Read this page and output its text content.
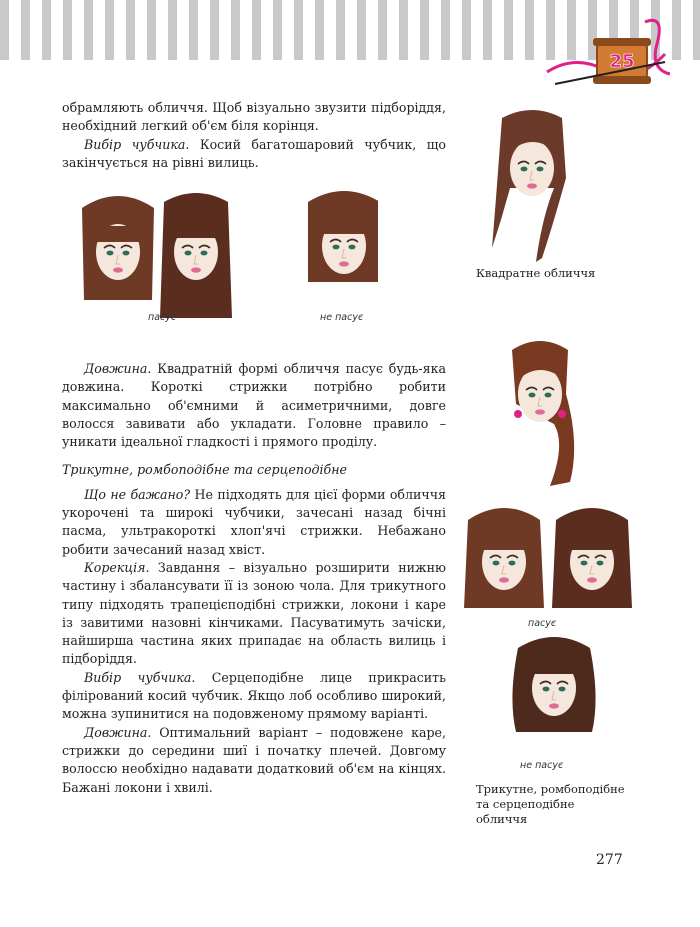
25

обрамляють обличчя. Щоб візуально звузити підборіддя, необхідний легкий об'єм біля корінця.

Вибір чубчика. Косий багатошаровий чубчик, що закінчується на рівні вилиць.

пасує	не пасує
Квадратне обличчя
пасує
не пасує
Трикутне, ромбоподібне та серцеподібне обличчя

Довжина. Квадратній формі обличчя пасує будь-яка довжина. Короткі стрижки потрібно робити максимально об'ємними й асиметричними, довге волосся завивати або укладати. Головне правило – уникати ідеальної гладкості і прямого проділу.

Трикутне, ромбоподібне та серцеподібне

Що не бажано? Не підходять для цієї форми обличчя укорочені та широкі чубчики, зачесані назад бічні пасма, ультракороткі хлоп'ячі стрижки. Небажано робити зачесаний назад хвіст.

Корекція. Завдання – візуально розширити нижню частину і збалансувати її із зоною чола. Для трикутного типу підходять трапецієподібні стрижки, локони і каре із завитими назовні кінчиками. Пасуватимуть зачіски, найширша частина яких припадає на область вилиць і підборіддя.

Вибір чубчика. Серцеподібне лице прикрасить філірований косий чубчик. Якщо лоб особливо широкий, можна зупинитися на подовженому прямому варіанті.

Довжина. Оптимальний варіант – подовжене каре, стрижки до середини шиї і початку плечей. Довгому волоссю необхідно надавати додатковий об'єм на кінцях. Бажані локони і хвилі.

277
